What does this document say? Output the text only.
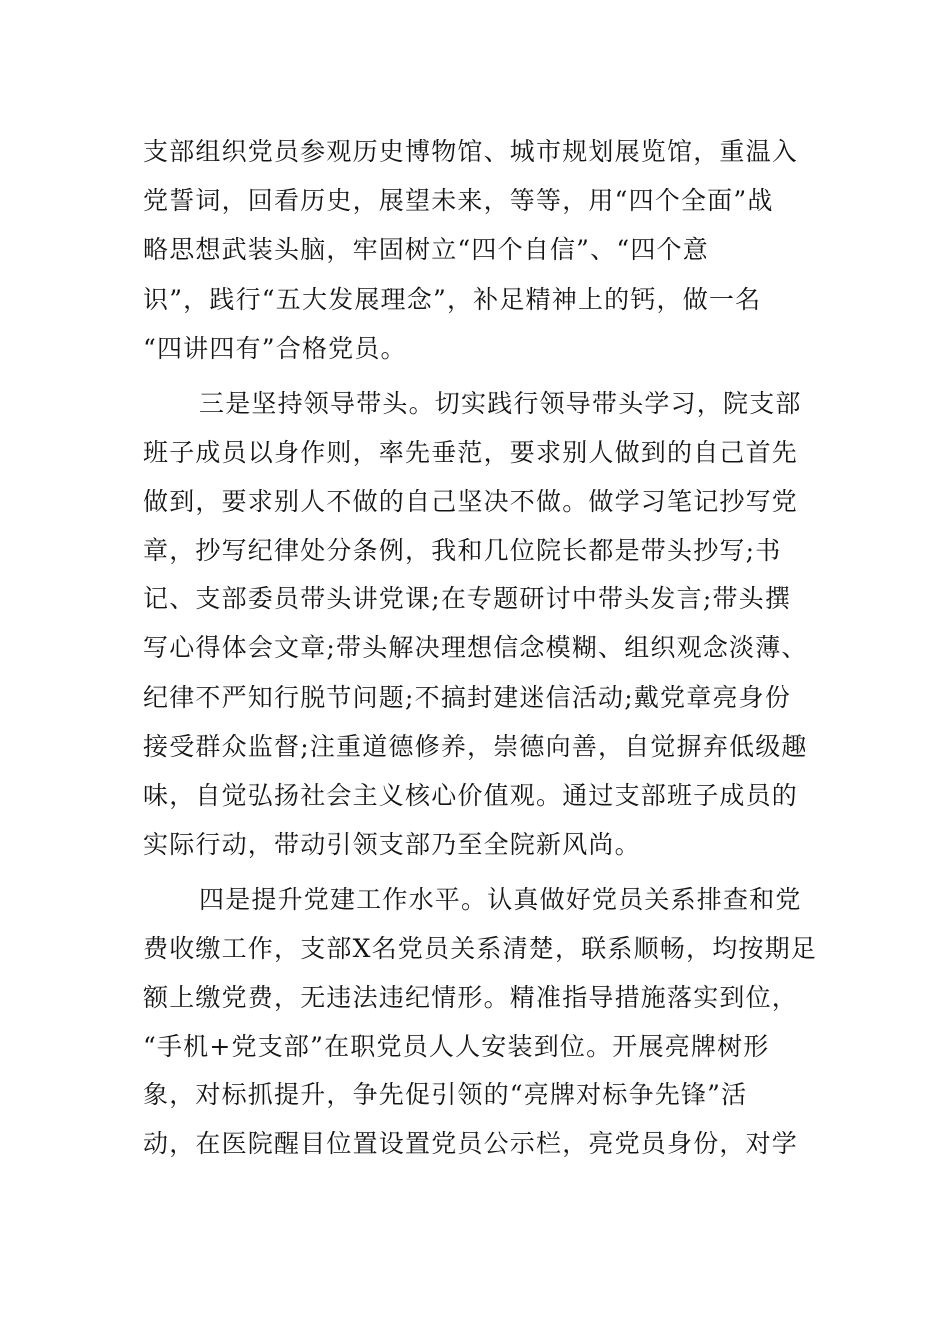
支部组织党员参观历史博物馆、城市规划展览馆，重温入

党誓词，回看历史，展望未来，等等，用“四个全面”战

略思想武装头脑，牢固树立“四个自信”、“四个意

识”，践行“五大发展理念”，补足精神上的钙，做一名

“四讲四有”合格党员。

三是坚持领导带头。切实践行领导带头学习，院支部

班子成员以身作则，率先垂范，要求别人做到的自己首先

做到，要求别人不做的自己坚决不做。做学习笔记抄写党

章，抄写纪律处分条例，我和几位院长都是带头抄写;书

记、支部委员带头讲党课;在专题研讨中带头发言;带头撰

写心得体会文章;带头解决理想信念模糊、组织观念淡薄、

纪律不严知行脱节问题;不搞封建迷信活动;戴党章亮身份

接受群众监督;注重道德修养，崇德向善，自觉摒弃低级趣

味，自觉弘扬社会主义核心价值观。通过支部班子成员的

实际行动，带动引领支部乃至全院新风尚。

四是提升党建工作水平。认真做好党员关系排查和党

费收缴工作，支部X名党员关系清楚，联系顺畅，均按期足

额上缴党费，无违法违纪情形。精准指导措施落实到位，

“手机+党支部”在职党员人人安装到位。开展亮牌树形

象，对标抓提升，争先促引领的“亮牌对标争先锋”活

动，在医院醒目位置设置党员公示栏，亮党员身份，对学
